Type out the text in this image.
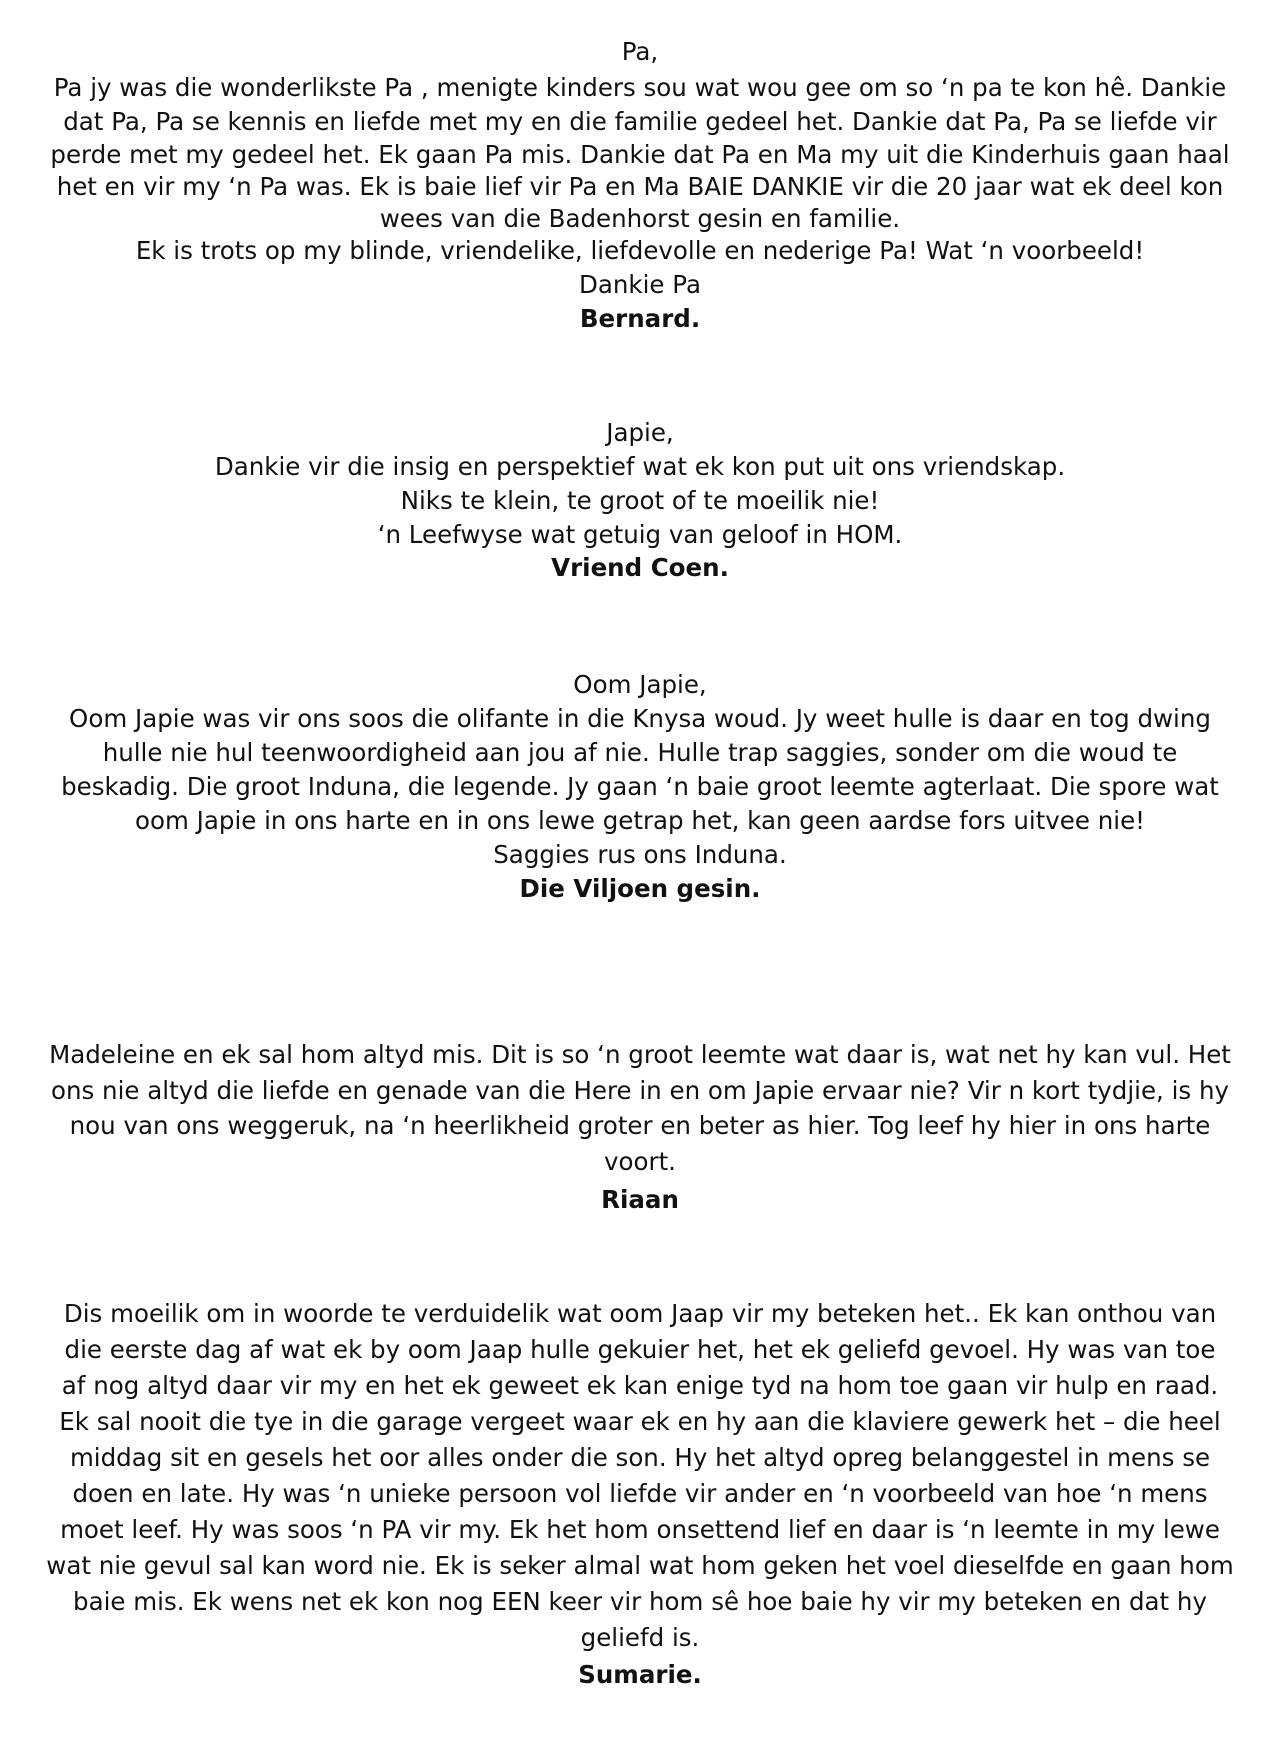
Pa,
Pa jy was die wonderlikste Pa , menigte kinders sou wat wou gee om so ‘n pa te kon hê. Dankie
dat Pa, Pa se kennis en liefde met my en die familie gedeel het. Dankie dat Pa, Pa se liefde vir
perde met my gedeel het. Ek gaan Pa mis. Dankie dat Pa en Ma my uit die Kinderhuis gaan haal
het en vir my ‘n Pa was. Ek is baie lief vir Pa en Ma BAIE DANKIE vir die 20 jaar wat ek deel kon
wees van die Badenhorst gesin en familie.
Ek is trots op my blinde, vriendelike, liefdevolle en nederige Pa! Wat ‘n voorbeeld!
Dankie Pa
Bernard.
Japie,
Dankie vir die insig en perspektief wat ek kon put uit ons vriendskap.
Niks te klein, te groot of te moeilik nie!
‘n Leefwyse wat getuig van geloof in HOM.
Vriend Coen.
Oom Japie,
Oom Japie was vir ons soos die olifante in die Knysa woud. Jy weet hulle is daar en tog dwing
hulle nie hul teenwoordigheid aan jou af nie. Hulle trap saggies, sonder om die woud te
beskadig. Die groot Induna, die legende. Jy gaan ‘n baie groot leemte agterlaat. Die spore wat
oom Japie in ons harte en in ons lewe getrap het, kan geen aardse fors uitvee nie!
Saggies rus ons Induna.
Die Viljoen gesin.
Madeleine en ek sal hom altyd mis. Dit is so ‘n groot leemte wat daar is, wat net hy kan vul. Het
ons nie altyd die liefde en genade van die Here in en om Japie ervaar nie? Vir n kort tydjie, is hy
nou van ons weggeruk, na ‘n heerlikheid groter en beter as hier. Tog leef hy hier in ons harte
voort.
Riaan
Dis moeilik om in woorde te verduidelik wat oom Jaap vir my beteken het.. Ek kan onthou van
die eerste dag af wat ek by oom Jaap hulle gekuier het, het ek geliefd gevoel. Hy was van toe
af nog altyd daar vir my en het ek geweet ek kan enige tyd na hom toe gaan vir hulp en raad.
Ek sal nooit die tye in die garage vergeet waar ek en hy aan die klaviere gewerk het – die heel
middag sit en gesels het oor alles onder die son. Hy het altyd opreg belanggestel in mens se
doen en late. Hy was ‘n unieke persoon vol liefde vir ander en ‘n voorbeeld van hoe ‘n mens
moet leef. Hy was soos ‘n PA vir my. Ek het hom onsettend lief en daar is ‘n leemte in my lewe
wat nie gevul sal kan word nie. Ek is seker almal wat hom geken het voel dieselfde en gaan hom
baie mis. Ek wens net ek kon nog EEN keer vir hom sê hoe baie hy vir my beteken en dat hy
geliefd is.
Sumarie.
